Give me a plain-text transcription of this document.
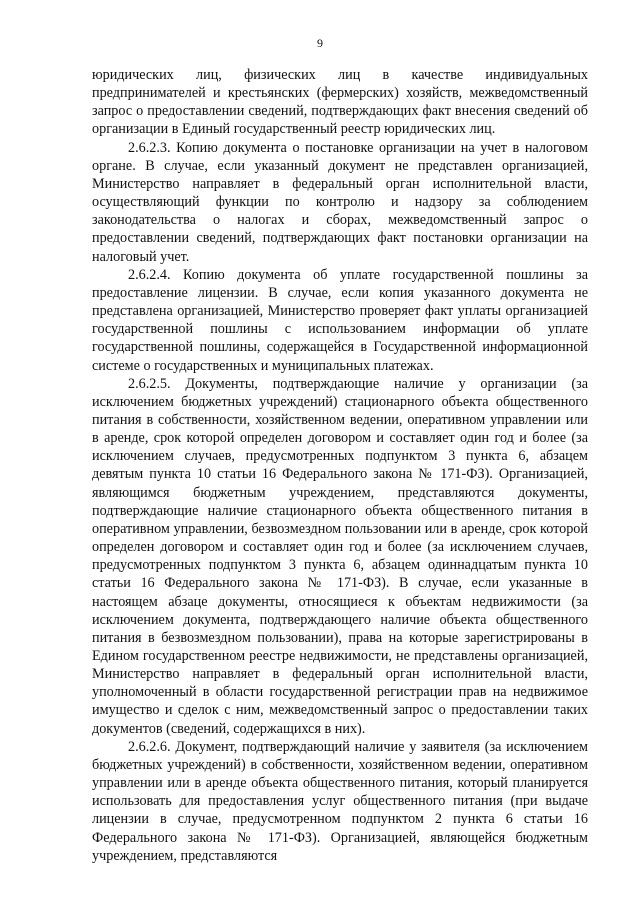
9

юридических лиц, физических лиц в качестве индивидуальных предпринимателей и крестьянских (фермерских) хозяйств, межведомственный запрос о предоставлении сведений, подтверждающих факт внесения сведений об организации в Единый государственный реестр юридических лиц.

2.6.2.3. Копию документа о постановке организации на учет в налоговом органе. В случае, если указанный документ не представлен организацией, Министерство направляет в федеральный орган исполнительной власти, осуществляющий функции по контролю и надзору за соблюдением законодательства о налогах и сборах, межведомственный запрос о предоставлении сведений, подтверждающих факт постановки организации на налоговый учет.

2.6.2.4. Копию документа об уплате государственной пошлины за предоставление лицензии. В случае, если копия указанного документа не представлена организацией, Министерство проверяет факт уплаты организацией государственной пошлины с использованием информации об уплате государственной пошлины, содержащейся в Государственной информационной системе о государственных и муниципальных платежах.

2.6.2.5. Документы, подтверждающие наличие у организации (за исключением бюджетных учреждений) стационарного объекта общественного питания в собственности, хозяйственном ведении, оперативном управлении или в аренде, срок которой определен договором и составляет один год и более (за исключением случаев, предусмотренных подпунктом 3 пункта 6, абзацем девятым пункта 10 статьи 16 Федерального закона № 171-ФЗ). Организацией, являющимся бюджетным учреждением, представляются документы, подтверждающие наличие стационарного объекта общественного питания в оперативном управлении, безвозмездном пользовании или в аренде, срок которой определен договором и составляет один год и более (за исключением случаев, предусмотренных подпунктом 3 пункта 6, абзацем одиннадцатым пункта 10 статьи 16 Федерального закона № 171-ФЗ). В случае, если указанные в настоящем абзаце документы, относящиеся к объектам недвижимости (за исключением документа, подтверждающего наличие объекта общественного питания в безвозмездном пользовании), права на которые зарегистрированы в Едином государственном реестре недвижимости, не представлены организацией, Министерство направляет в федеральный орган исполнительной власти, уполномоченный в области государственной регистрации прав на недвижимое имущество и сделок с ним, межведомственный запрос о предоставлении таких документов (сведений, содержащихся в них).

2.6.2.6. Документ, подтверждающий наличие у заявителя (за исключением бюджетных учреждений) в собственности, хозяйственном ведении, оперативном управлении или в аренде объекта общественного питания, который планируется использовать для предоставления услуг общественного питания (при выдаче лицензии в случае, предусмотренном подпунктом 2 пункта 6 статьи 16 Федерального закона № 171-ФЗ). Организацией, являющейся бюджетным учреждением, представляются
